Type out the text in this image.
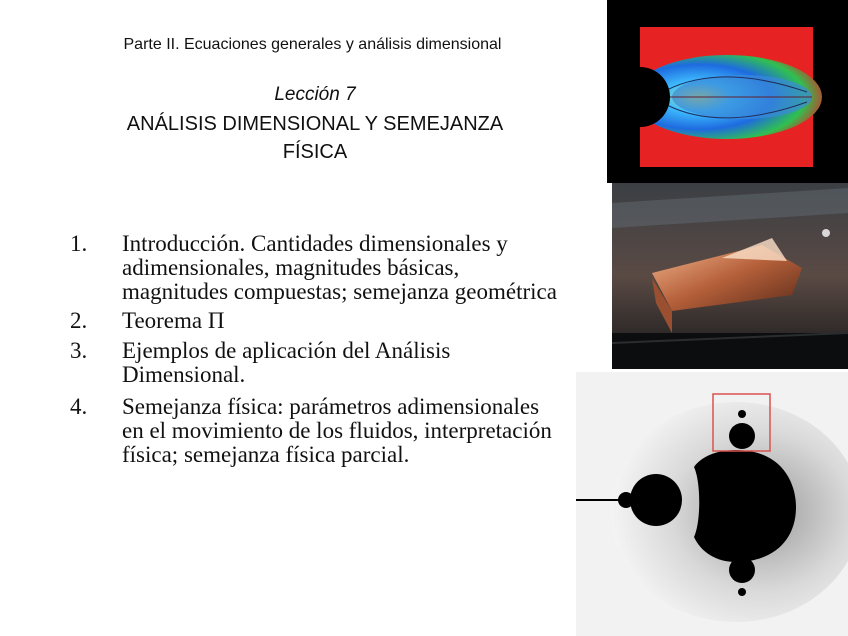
Parte II. Ecuaciones generales y análisis dimensional
Lección 7
ANÁLISIS DIMENSIONAL Y SEMEJANZA
FÍSICA
1. Introducción. Cantidades dimensionales y adimensionales, magnitudes básicas, magnitudes compuestas; semejanza geométrica
2. Teorema Π
3. Ejemplos de aplicación del Análisis Dimensional.
4. Semejanza física: parámetros adimensionales en el movimiento de los fluidos, interpretación física; semejanza física parcial.
